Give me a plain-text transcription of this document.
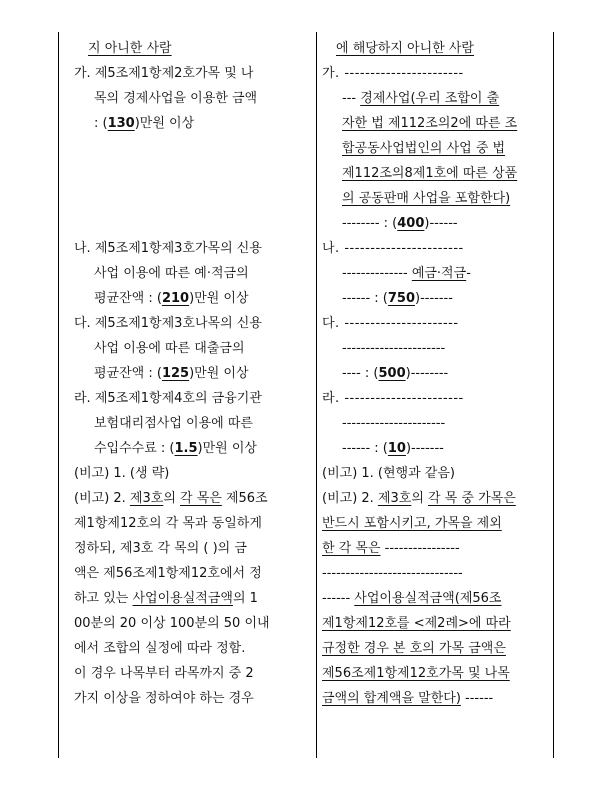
지 아니한 사람
가. 제5조제1항제2호가목 및 나
목의 경제사업을 이용한 금액
: (130)만원 이상
나. 제5조제1항제3호가목의 신용
사업 이용에 따른 예·적금의
평균잔액 : (210)만원 이상
다. 제5조제1항제3호나목의 신용
사업 이용에 따른 대출금의
평균잔액 : (125)만원 이상
라. 제5조제1항제4호의 금융기관
보험대리점사업 이용에 따른
수입수수료 : (1.5)만원 이상
(비고) 1. (생 략)
(비고) 2. 제3호의 각 목은 제56조
제1항제12호의 각 목과 동일하게
정하되, 제3호 각 목의 ( )의 금
액은 제56조제1항제12호에서 정
하고 있는 사업이용실적금액의 1
00분의 20 이상 100분의 50 이내
에서 조합의 실정에 따라 정함.
이 경우 나목부터 라목까지 중 2
가지 이상을 정하여야 하는 경우
에 해당하지 아니한 사람
가. -----------------------
--- 경제사업(우리 조합이 출
자한 법 제112조의2에 따른 조
합공동사업법인의 사업 중 법
제112조의8제1호에 따른 상품
의 공동판매 사업을 포함한다)
-------- : (400)------
나. -----------------------
-------------- 예금·적금-
------ : (750)-------
다. ----------------------
----------------------
---- : (500)--------
라. -----------------------
----------------------
------ : (10)-------
(비고) 1. (현행과 같음)
(비고) 2. 제3호의 각 목 중 가목은
반드시 포함시키고, 가목을 제외
한 각 목은 ----------------
------------------------------
------ 사업이용실적금액(제56조
제1항제12호를 <제2례>에 따라
규정한 경우 본 호의 가목 금액은
제56조제1항제12호가목 및 나목
금액의 합계액을 말한다) ------
